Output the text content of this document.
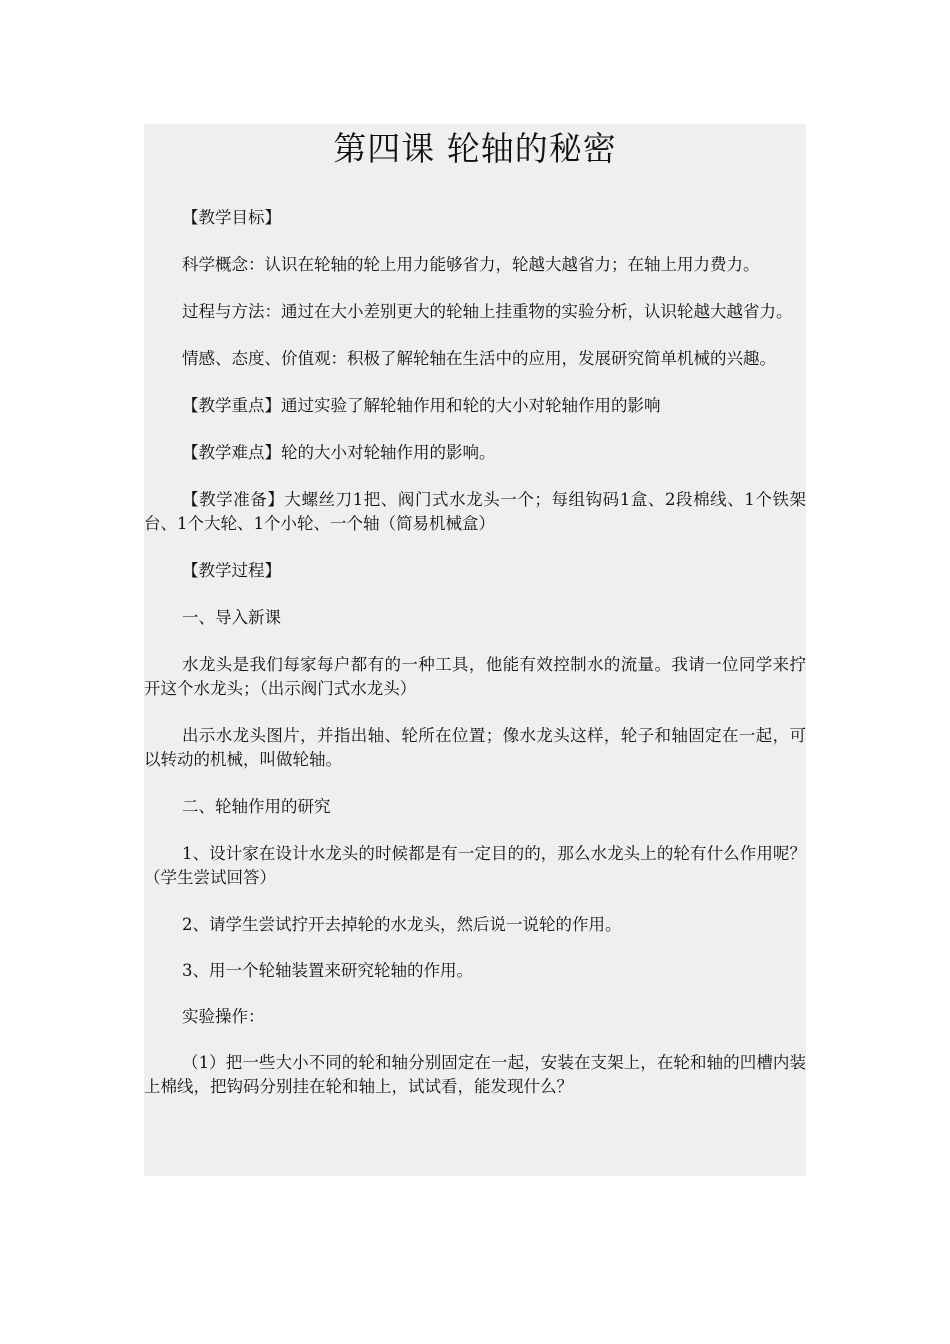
第四课 轮轴的秘密

【教学目标】

科学概念：认识在轮轴的轮上用力能够省力，轮越大越省力；在轴上用力费力。

过程与方法：通过在大小差别更大的轮轴上挂重物的实验分析，认识轮越大越省力。

情感、态度、价值观：积极了解轮轴在生活中的应用，发展研究简单机械的兴趣。

【教学重点】通过实验了解轮轴作用和轮的大小对轮轴作用的影响

【教学难点】轮的大小对轮轴作用的影响。

【教学准备】大螺丝刀1把、阀门式水龙头一个；每组钩码1盒、2段棉线、1个铁架台、1个大轮、1个小轮、一个轴（简易机械盒）

【教学过程】

一、导入新课

水龙头是我们每家每户都有的一种工具，他能有效控制水的流量。我请一位同学来拧开这个水龙头；（出示阀门式水龙头）

出示水龙头图片，并指出轴、轮所在位置；像水龙头这样，轮子和轴固定在一起，可以转动的机械，叫做轮轴。

二、轮轴作用的研究

1、设计家在设计水龙头的时候都是有一定目的的，那么水龙头上的轮有什么作用呢？（学生尝试回答）

2、请学生尝试拧开去掉轮的水龙头，然后说一说轮的作用。

3、用一个轮轴装置来研究轮轴的作用。

实验操作：

（1）把一些大小不同的轮和轴分别固定在一起，安装在支架上，在轮和轴的凹槽内装上棉线，把钩码分别挂在轮和轴上，试试看，能发现什么？
